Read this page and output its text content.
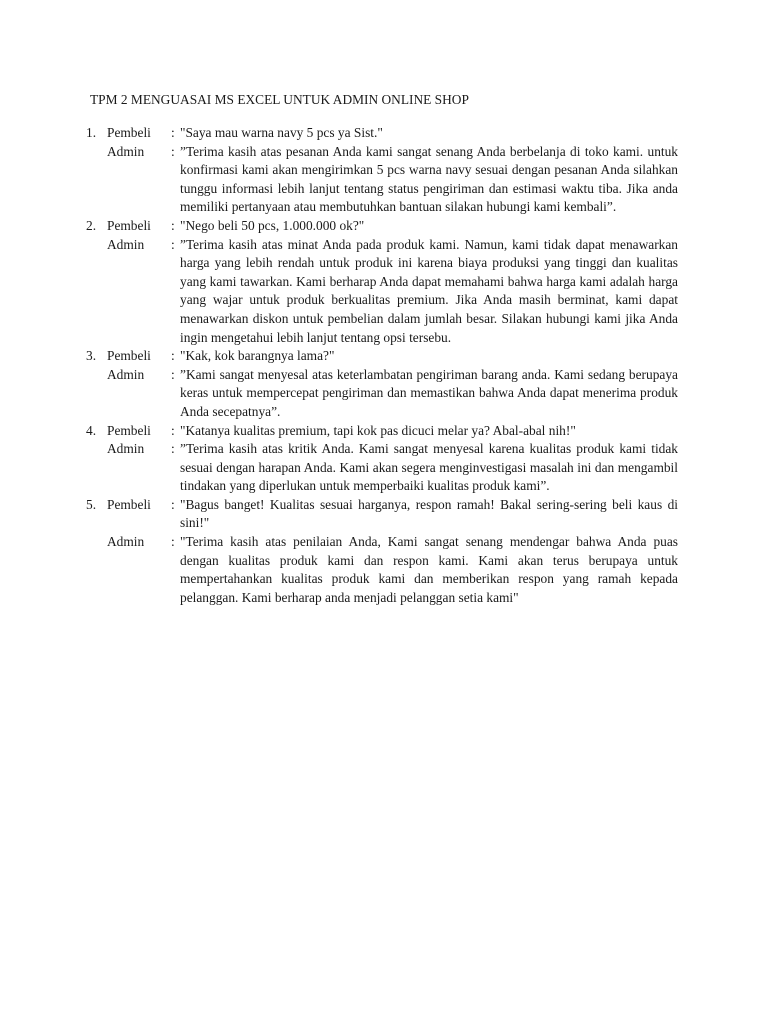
TPM 2 MENGUASAI MS EXCEL UNTUK ADMIN ONLINE SHOP
1. Pembeli	: "Saya mau warna navy 5 pcs ya Sist."
Admin	: ”Terima kasih atas pesanan Anda kami sangat senang Anda berbelanja di toko kami. untuk konfirmasi kami akan mengirimkan 5 pcs warna navy sesuai dengan pesanan Anda silahkan tunggu informasi lebih lanjut tentang status pengiriman dan estimasi waktu tiba. Jika anda memiliki pertanyaan atau membutuhkan bantuan silakan hubungi kami kembali”.
2. Pembeli	: "Nego beli 50 pcs, 1.000.000 ok?"
Admin	: ”Terima kasih atas minat Anda pada produk kami. Namun, kami tidak dapat menawarkan harga yang lebih rendah untuk produk ini karena biaya produksi yang tinggi dan kualitas yang kami tawarkan. Kami berharap Anda dapat memahami bahwa harga kami adalah harga yang wajar untuk produk berkualitas premium. Jika Anda masih berminat, kami dapat menawarkan diskon untuk pembelian dalam jumlah besar. Silakan hubungi kami jika Anda ingin mengetahui lebih lanjut tentang opsi tersebu.
3. Pembeli	: "Kak, kok barangnya lama?"
Admin	: ”Kami sangat menyesal atas keterlambatan pengiriman barang anda. Kami sedang berupaya keras untuk mempercepat pengiriman dan memastikan bahwa Anda dapat menerima produk Anda secepatnya”.
4. Pembeli	: "Katanya kualitas premium, tapi kok pas dicuci melar ya? Abal-abal nih!"
Admin	: ”Terima kasih atas kritik Anda. Kami sangat menyesal karena kualitas produk kami tidak sesuai dengan harapan Anda. Kami akan segera menginvestigasi masalah ini dan mengambil tindakan yang diperlukan untuk memperbaiki kualitas produk kami”.
5. Pembeli	: "Bagus banget! Kualitas sesuai harganya, respon ramah! Bakal sering-sering beli kaus di sini!"
Admin	: "Terima kasih atas penilaian Anda, Kami sangat senang mendengar bahwa Anda puas dengan kualitas produk kami dan respon kami. Kami akan terus berupaya untuk mempertahankan kualitas produk kami dan memberikan respon yang ramah kepada pelanggan. Kami berharap anda menjadi pelanggan setia kami"
